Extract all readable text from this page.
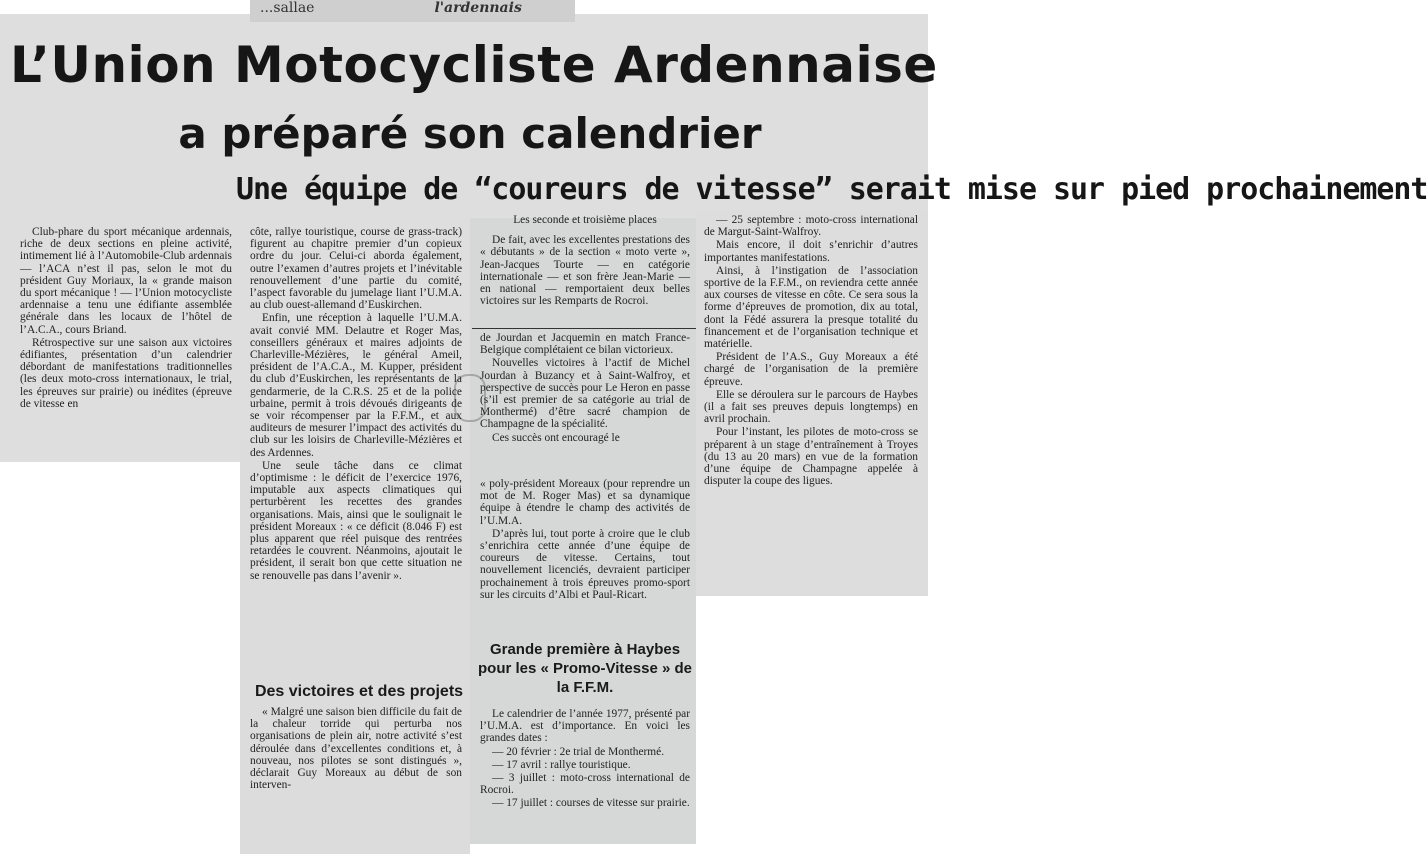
...sallae	l'ardennais
L’Union Motocycliste Ardennaise
a préparé son calendrier
Une équipe de “coureurs de vitesse” serait mise sur pied prochainement

Club-phare du sport mécanique ardennais, riche de deux sections en pleine activité, intimement lié à l’Automobile-Club ardennais — l’ACA n’est il pas, selon le mot du président Guy Moriaux, la « grande maison du sport mécanique ! — l’Union motocycliste ardennaise a tenu une édifiante assemblée générale dans les locaux de l’hôtel de l’A.C.A., cours Briand.

Rétrospective sur une saison aux victoires édifiantes, présentation d’un calendrier débordant de manifestations traditionnelles (les deux moto-cross internationaux, le trial, les épreuves sur prairie) ou inédites (épreuve de vitesse en

côte, rallye touristique, course de grass-track) figurent au chapitre premier d’un copieux ordre du jour. Celui-ci aborda également, outre l’examen d’autres projets et l’inévitable renouvellement d’une partie du comité, l’aspect favorable du jumelage liant l’U.M.A. au club ouest-allemand d’Euskirchen.

Enfin, une réception à laquelle l’U.M.A. avait convié MM. Delautre et Roger Mas, conseillers généraux et maires adjoints de Charleville-Mézières, le général Ameil, président de l’A.C.A., M. Kupper, président du club d’Euskirchen, les représentants de la gendarmerie, de la C.R.S. 25 et de la police urbaine, permit à trois dévoués dirigeants de se voir récompenser par la F.F.M., et aux auditeurs de mesurer l’impact des activités du club sur les loisirs de Charleville-Mézières et des Ardennes.

Une seule tâche dans ce climat d’optimisme : le déficit de l’exercice 1976, imputable aux aspects climatiques qui perturbèrent les recettes des grandes organisations. Mais, ainsi que le soulignait le président Moreaux : « ce déficit (8.046 F) est plus apparent que réel puisque des rentrées retardées le couvrent. Néanmoins, ajoutait le président, il serait bon que cette situation ne se renouvelle pas dans l’avenir ».

Des victoires et des projets

« Malgré une saison bien difficile du fait de la chaleur torride qui perturba nos organisations de plein air, notre activité s’est déroulée dans d’excellentes conditions et, à nouveau, nos pilotes se sont distingués », déclarait Guy Moreaux au début de son interven-

Les seconde et troisième places

De fait, avec les excellentes prestations des « débutants » de la section « moto verte », Jean-Jacques Tourte — en catégorie internationale — et son frère Jean-Marie — en national — remportaient deux belles victoires sur les Remparts de Rocroi.

de Jourdan et Jacquemin en match France-Belgique complétaient ce bilan victorieux.

Nouvelles victoires à l’actif de Michel Jourdan à Buzancy et à Saint-Walfroy, et perspective de succès pour Le Heron en passe (s’il est premier de sa catégorie au trial de Monthermé) d’être sacré champion de Champagne de la spécialité.

Ces succès ont encouragé le

« poly-président Moreaux (pour reprendre un mot de M. Roger Mas) et sa dynamique équipe à étendre le champ des activités de l’U.M.A.

D’après lui, tout porte à croire que le club s’enrichira cette année d’une équipe de coureurs de vitesse. Certains, tout nouvellement licenciés, devraient participer prochainement à trois épreuves promo-sport sur les circuits d’Albi et Paul-Ricart.

Grande première à Haybes pour les « Promo-Vitesse » de la F.F.M.

Le calendrier de l’année 1977, présenté par l’U.M.A. est d’importance. En voici les grandes dates :

— 20 février : 2e trial de Monthermé.

— 17 avril : rallye touristique.

— 3 juillet : moto-cross international de Rocroi.

— 17 juillet : courses de vitesse sur prairie.

— 25 septembre : moto-cross international de Margut-Saint-Walfroy.

Mais encore, il doit s’enrichir d’autres importantes manifestations.

Ainsi, à l’instigation de l’association sportive de la F.F.M., on reviendra cette année aux courses de vitesse en côte. Ce sera sous la forme d’épreuves de promotion, dix au total, dont la Fédé assurera la presque totalité du financement et de l’organisation technique et matérielle.

Président de l’A.S., Guy Moreaux a été chargé de l’organisation de la première épreuve.

Elle se déroulera sur le parcours de Haybes (il a fait ses preuves depuis longtemps) en avril prochain.

Pour l’instant, les pilotes de moto-cross se préparent à un stage d’entraînement à Troyes (du 13 au 20 mars) en vue de la formation d’une équipe de Champagne appelée à disputer la coupe des ligues.
